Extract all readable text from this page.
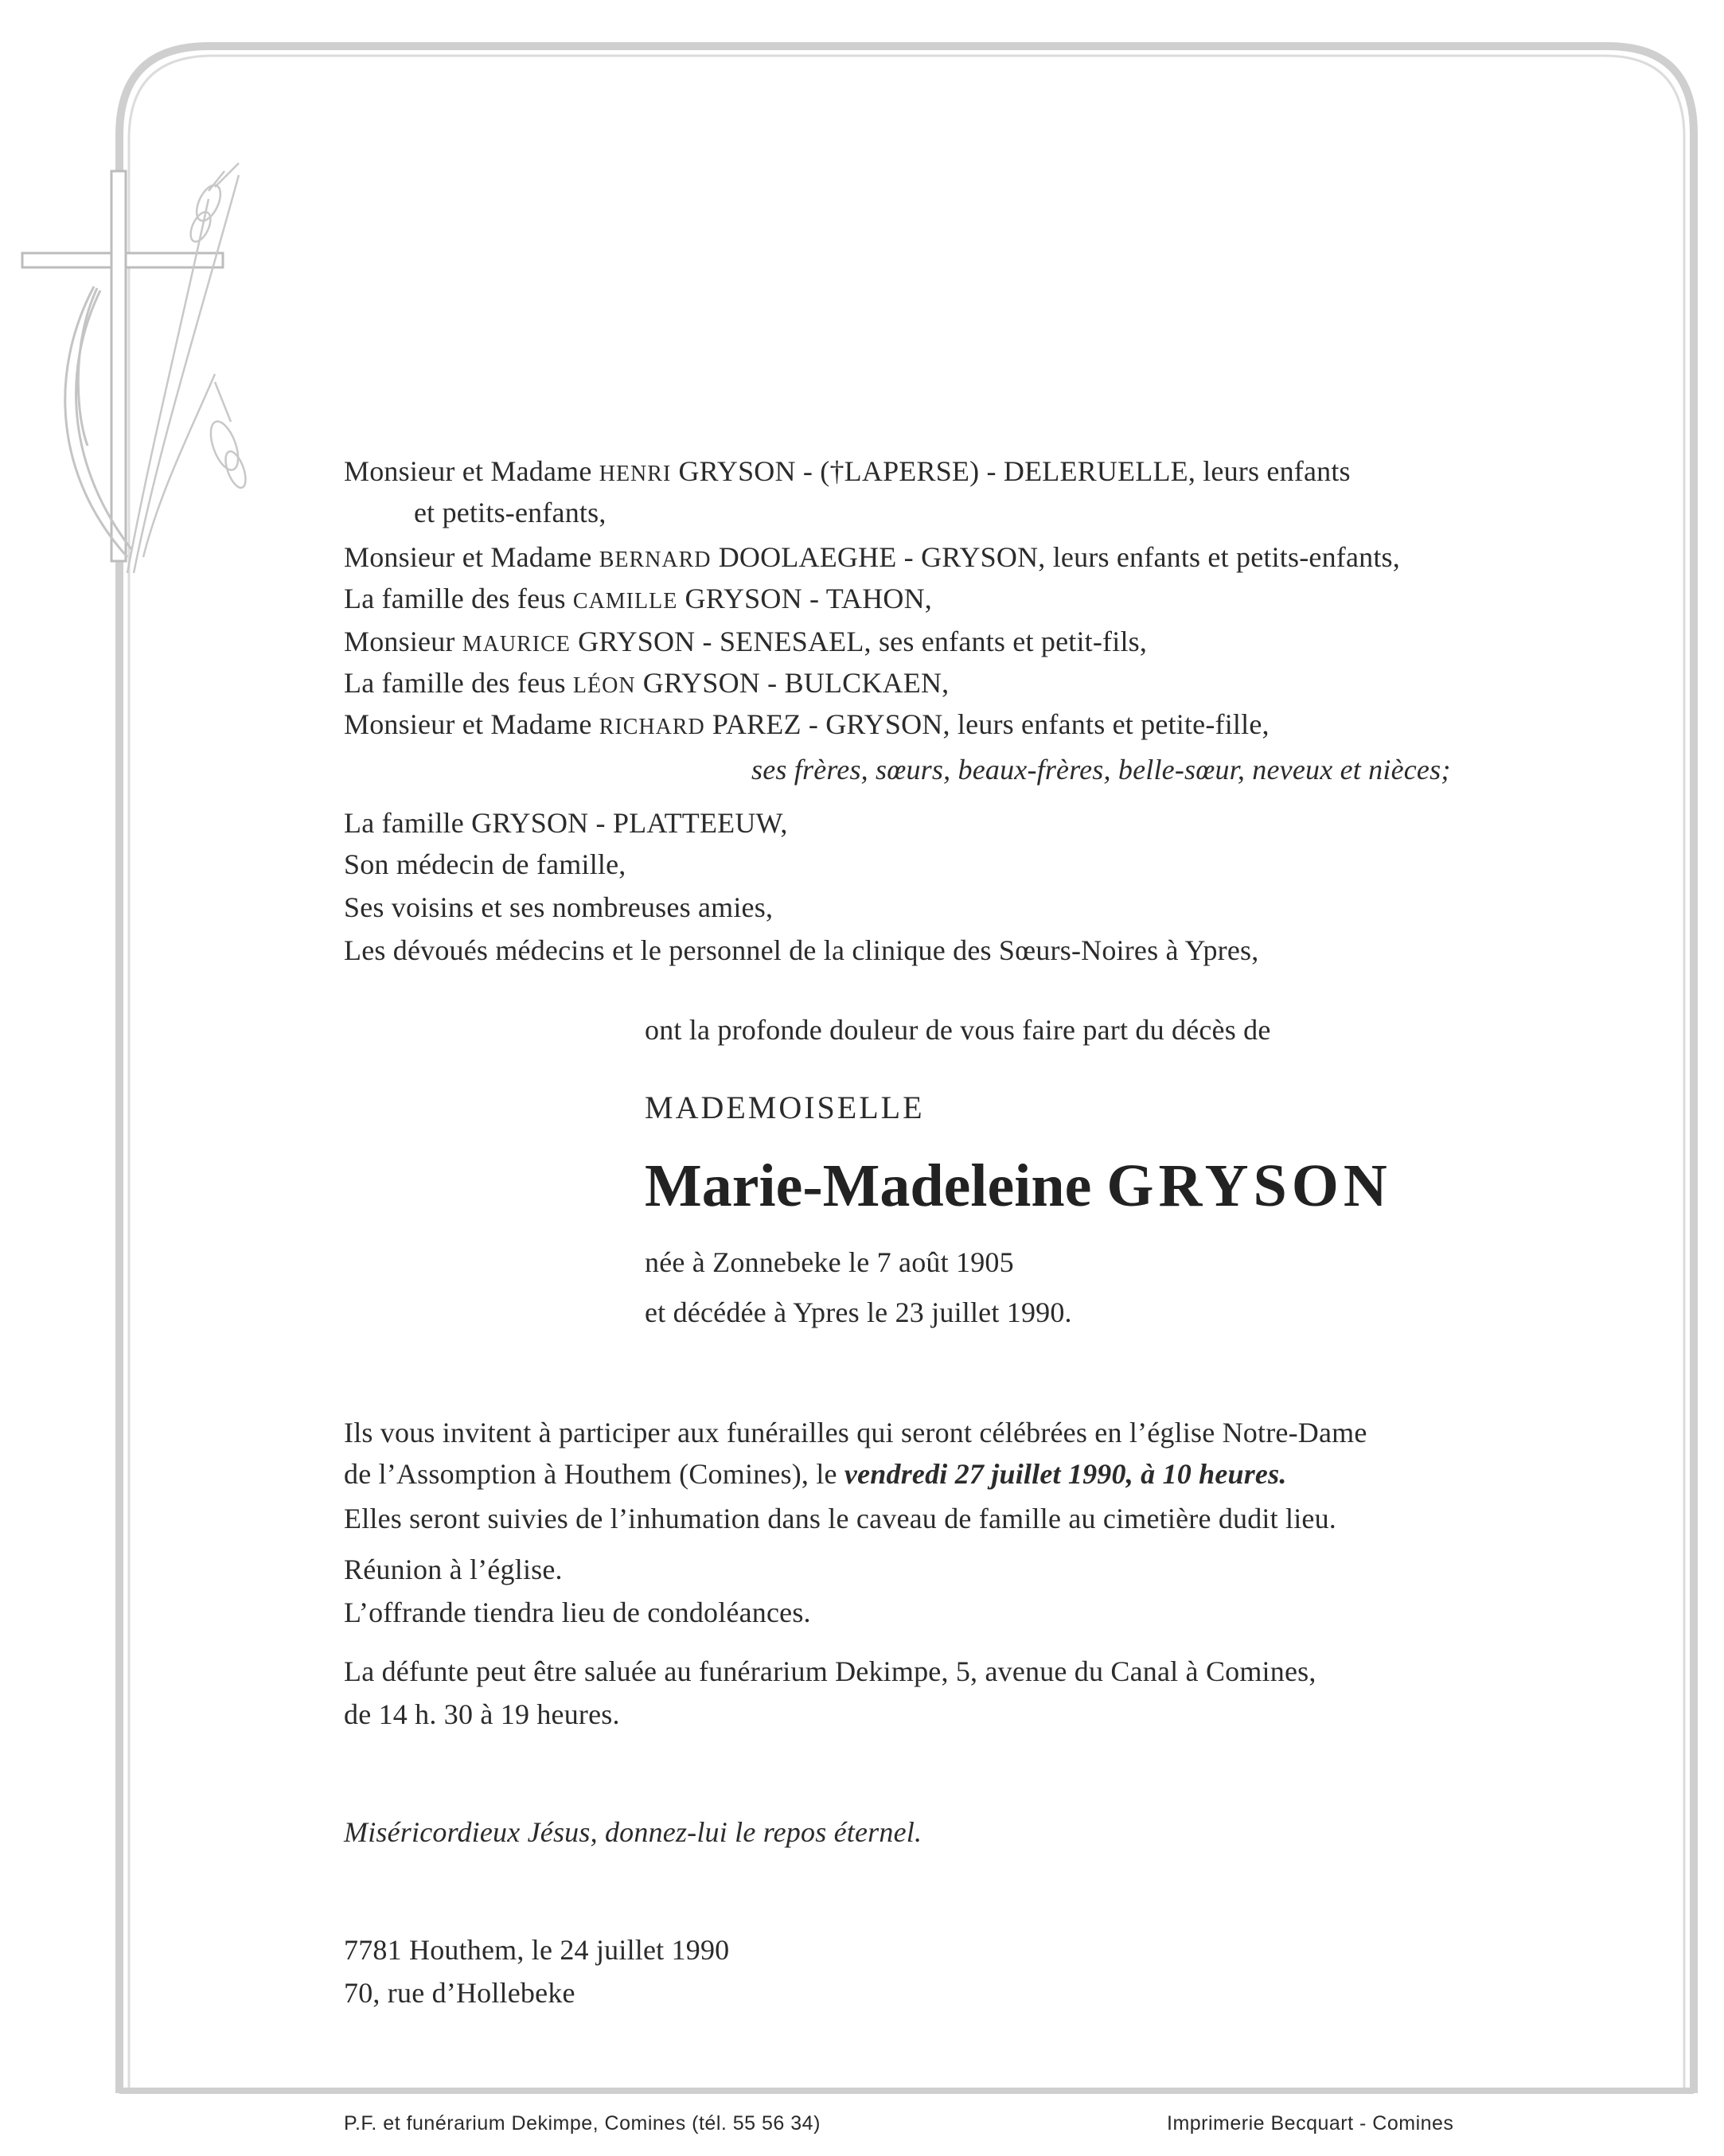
Monsieur et Madame HENRI GRYSON - (†LAPERSE) - DELERUELLE, leurs enfants
et petits-enfants,
Monsieur et Madame BERNARD DOOLAEGHE - GRYSON, leurs enfants et petits-enfants,
La famille des feus CAMILLE GRYSON - TAHON,
Monsieur MAURICE GRYSON - SENESAEL, ses enfants et petit-fils,
La famille des feus LÉON GRYSON - BULCKAEN,
Monsieur et Madame RICHARD PAREZ - GRYSON, leurs enfants et petite-fille,
ses frères, sœurs, beaux-frères, belle-sœur, neveux et nièces;
La famille GRYSON - PLATTEEUW,
Son médecin de famille,
Ses voisins et ses nombreuses amies,
Les dévoués médecins et le personnel de la clinique des Sœurs-Noires à Ypres,
ont la profonde douleur de vous faire part du décès de
MADEMOISELLE
Marie-Madeleine GRYSON
née à Zonnebeke le 7 août 1905
et décédée à Ypres le 23 juillet 1990.
Ils vous invitent à participer aux funérailles qui seront célébrées en l’église Notre-Dame
de l’Assomption à Houthem (Comines), le vendredi 27 juillet 1990, à 10 heures.
Elles seront suivies de l’inhumation dans le caveau de famille au cimetière dudit lieu.
Réunion à l’église.
L’offrande tiendra lieu de condoléances.
La défunte peut être saluée au funérarium Dekimpe, 5, avenue du Canal à Comines,
de 14 h. 30 à 19 heures.
Miséricordieux Jésus, donnez-lui le repos éternel.
7781 Houthem, le 24 juillet 1990
70, rue d’Hollebeke
P.F. et funérarium Dekimpe, Comines (tél. 55 56 34)	Imprimerie Becquart - Comines
